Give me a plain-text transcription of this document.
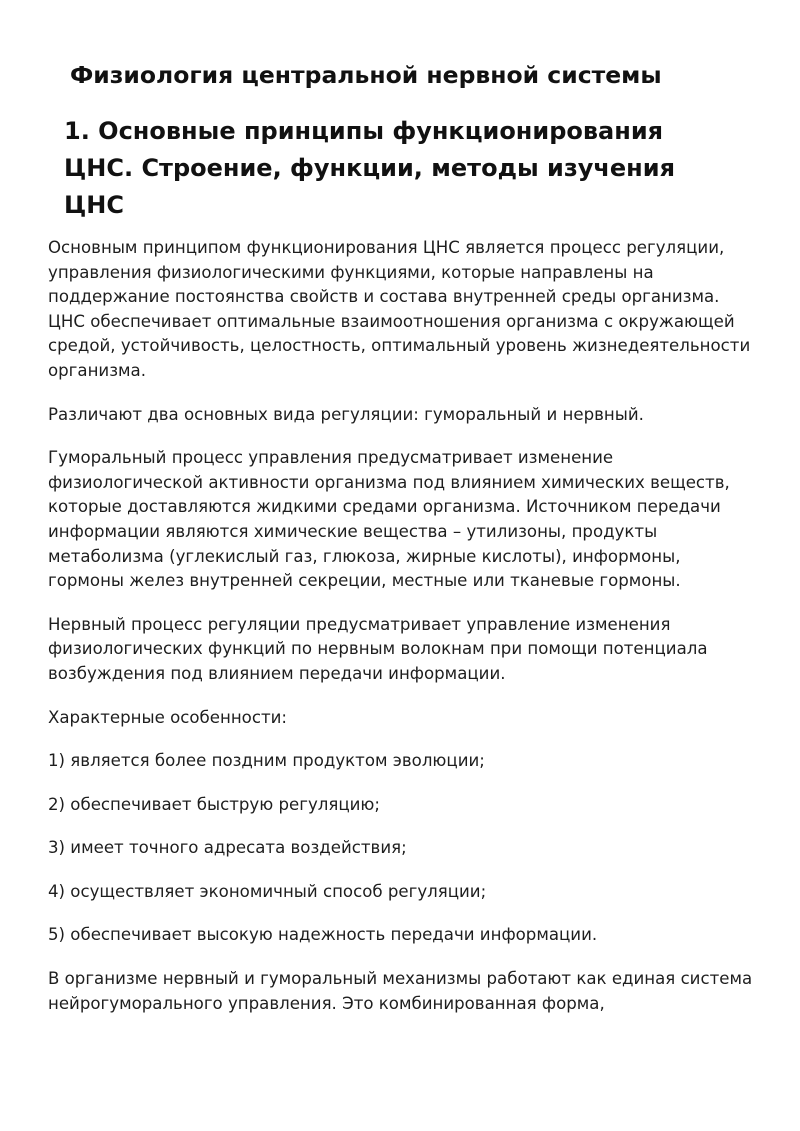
Физиология центральной нервной системы
1. Основные принципы функционирования ЦНС. Строение, функции, методы изучения ЦНС

Основным принципом функционирования ЦНС является процесс регуляции, управления физиологическими функциями, которые направлены на поддержание постоянства свойств и состава внутренней среды организма. ЦНС обеспечивает оптимальные взаимоотношения организма с окружающей средой, устойчивость, целостность, оптимальный уровень жизнедеятельности организма.

Различают два основных вида регуляции: гуморальный и нервный.

Гуморальный процесс управления предусматривает изменение физиологической активности организма под влиянием химических веществ, которые доставляются жидкими средами организма. Источником передачи информации являются химические вещества – утилизоны, продукты метаболизма (углекислый газ, глюкоза, жирные кислоты), информоны, гормоны желез внутренней секреции, местные или тканевые гормоны.

Нервный процесс регуляции предусматривает управление изменения физиологических функций по нервным волокнам при помощи потенциала возбуждения под влиянием передачи информации.

Характерные особенности:

1) является более поздним продуктом эволюции;

2) обеспечивает быструю регуляцию;

3) имеет точного адресата воздействия;

4) осуществляет экономичный способ регуляции;

5) обеспечивает высокую надежность передачи информации.

В организме нервный и гуморальный механизмы работают как единая система нейрогуморального управления. Это комбинированная форма,
